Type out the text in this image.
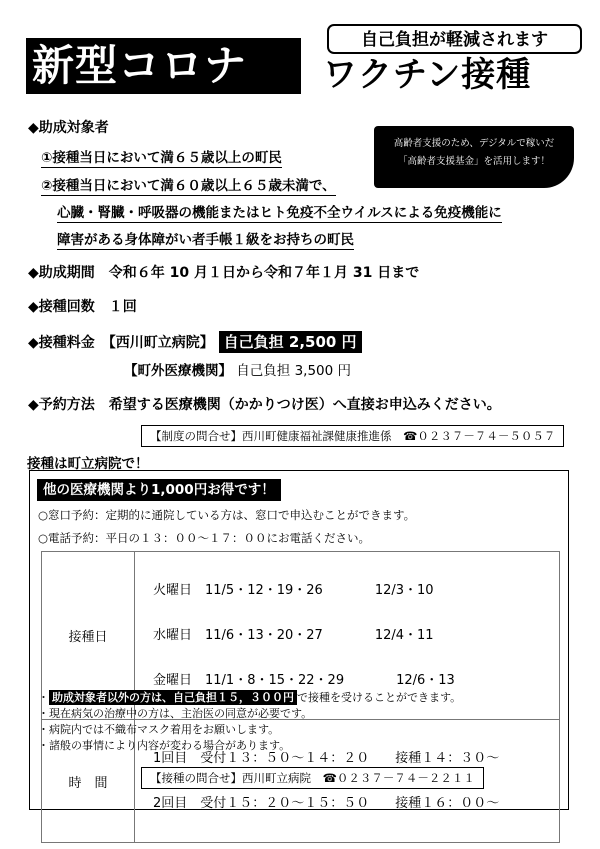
新型コロナ
自己負担が軽減されます
ワクチン接種
高齢者支援のため、デジタルで稼いだ
「高齢者支援基金」を活用します！
◆助成対象者
①接種当日において満６５歳以上の町民
②接種当日において満６０歳以上６５歳未満で、
心臓・腎臓・呼吸器の機能またはヒト免疫不全ウイルスによる免疫機能に
障害がある身体障がい者手帳１級をお持ちの町民
◆助成期間　 令和６年 10 月１日から令和７年１月 31 日まで
◆接種回数　 １回
◆接種料金　 【西川町立病院】 自己負担 2,500 円
【町外医療機関】 自己負担 3,500 円
◆予約方法　 希望する医療機関（かかりつけ医）へ直接お申込みください。
【制度の問合せ】西川町健康福祉課健康推進係　☎０２３７－７４－５０５７
接種は町立病院で！
他の医療機関より1,000円お得です！
○窓口予約：定期的に通院している方は、窓口で申込むことができます。
○電話予約：平日の１３：００～１７：００にお電話ください。
接種日	火曜日　11/5・12・19・26　　　　12/3・10

水曜日　11/6・13・20・27　　　　12/4・11

金曜日　11/1・8・15・22・29　　　　12/6・13

時　間	1回目　受付１３：５０～１４：２０　　接種１４：３０～

2回目　受付１５：２０～１５：５０　　接種１６：００～

・ 助成対象者以外の方は、自己負担１５，３００円 で接種を受けることができます。
・現在病気の治療中の方は、主治医の同意が必要です。
・病院内では不織布マスク着用をお願いします。
・諸般の事情により内容が変わる場合があります。
【接種の問合せ】西川町立病院　☎０２３７－７４－２２１１
